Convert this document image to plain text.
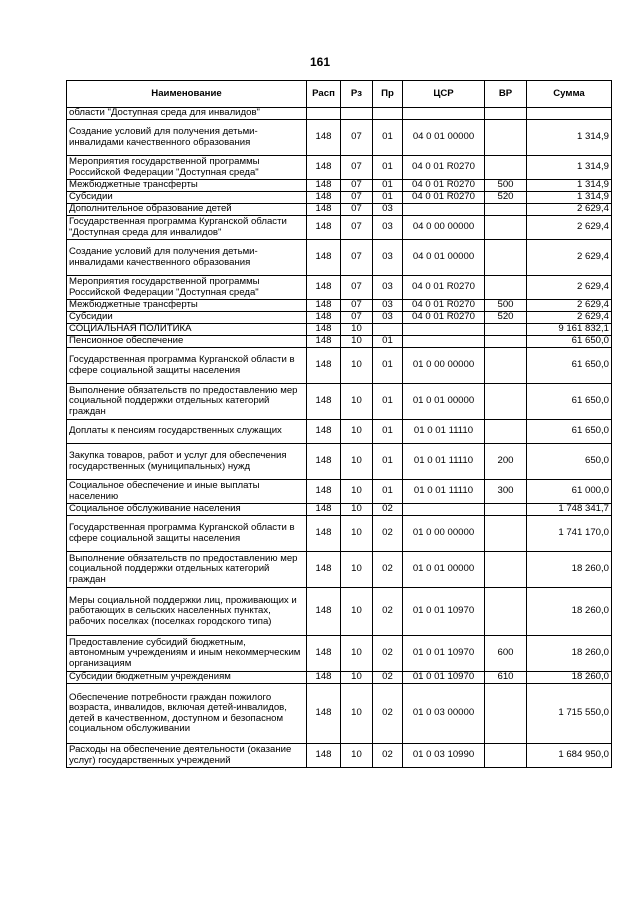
161
Наименование	Расп	Рз	Пр	ЦСР	ВР	Сумма
области "Доступная среда для инвалидов"						
Создание условий для получения детьми-инвалидами качественного образования	148	07	01	04 0 01 00000		1 314,9
Мероприятия государственной программы Российской Федерации "Доступная среда"	148	07	01	04 0 01 R0270		1 314,9
Межбюджетные трансферты	148	07	01	04 0 01 R0270	500	1 314,9
Субсидии	148	07	01	04 0 01 R0270	520	1 314,9
Дополнительное образование детей	148	07	03			2 629,4
Государственная программа Курганской области "Доступная среда для инвалидов"	148	07	03	04 0 00 00000		2 629,4
Создание условий для получения детьми-инвалидами качественного образования	148	07	03	04 0 01 00000		2 629,4
Мероприятия государственной программы Российской Федерации "Доступная среда"	148	07	03	04 0 01 R0270		2 629,4
Межбюджетные трансферты	148	07	03	04 0 01 R0270	500	2 629,4
Субсидии	148	07	03	04 0 01 R0270	520	2 629,4
СОЦИАЛЬНАЯ ПОЛИТИКА	148	10				9 161 832,1
Пенсионное обеспечение	148	10	01			61 650,0
Государственная программа Курганской области в сфере социальной защиты населения	148	10	01	01 0 00 00000		61 650,0
Выполнение обязательств по предоставлению мер социальной поддержки отдельных категорий граждан	148	10	01	01 0 01 00000		61 650,0
Доплаты к пенсиям государственных служащих	148	10	01	01 0 01 11110		61 650,0
Закупка товаров, работ и услуг для обеспечения государственных (муниципальных) нужд	148	10	01	01 0 01 11110	200	650,0
Социальное обеспечение и иные выплаты населению	148	10	01	01 0 01 11110	300	61 000,0
Социальное обслуживание населения	148	10	02			1 748 341,7
Государственная программа Курганской области в сфере социальной защиты населения	148	10	02	01 0 00 00000		1 741 170,0
Выполнение обязательств по предоставлению мер социальной поддержки отдельных категорий граждан	148	10	02	01 0 01 00000		18 260,0
Меры социальной поддержки лиц, проживающих и работающих в сельских населенных пунктах, рабочих поселках (поселках городского типа)	148	10	02	01 0 01 10970		18 260,0
Предоставление субсидий бюджетным, автономным учреждениям и иным некоммерческим организациям	148	10	02	01 0 01 10970	600	18 260,0
Субсидии бюджетным учреждениям	148	10	02	01 0 01 10970	610	18 260,0
Обеспечение потребности граждан пожилого возраста, инвалидов, включая детей-инвалидов, детей в качественном, доступном и безопасном социальном обслуживании	148	10	02	01 0 03 00000		1 715 550,0
Расходы на обеспечение деятельности (оказание услуг) государственных учреждений	148	10	02	01 0 03 10990		1 684 950,0
